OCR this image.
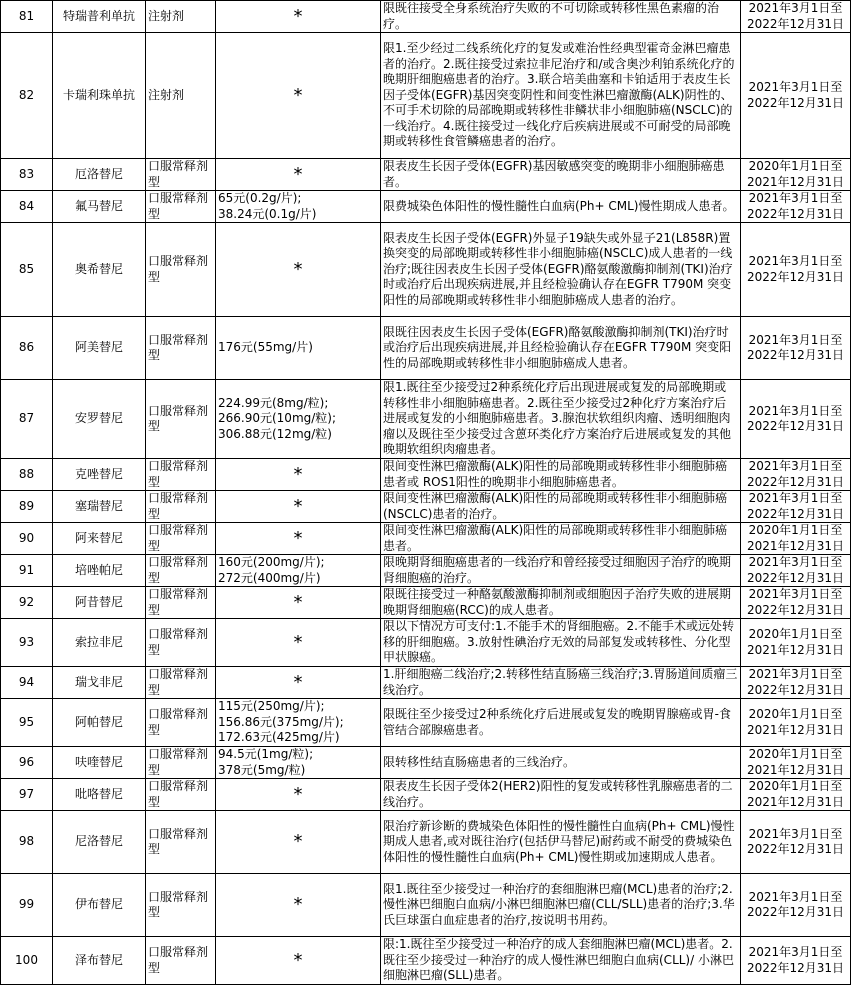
81	特瑞普利单抗	注射剂	*	限既往接受全身系统治疗失败的不可切除或转移性黑色素瘤的治疗。	2021年3月1日至
2022年12月31日

82	卡瑞利珠单抗	注射剂	*	限1.至少经过二线系统化疗的复发或难治性经典型霍奇金淋巴瘤患者的治疗。2.既往接受过索拉非尼治疗和/或含奥沙利铂系统化疗的晚期肝细胞癌患者的治疗。3.联合培美曲塞和卡铂适用于表皮生长因子受体(EGFR)基因突变阴性和间变性淋巴瘤激酶(ALK)阴性的、不可手术切除的局部晚期或转移性非鳞状非小细胞肺癌(NSCLC)的一线治疗。4.既往接受过一线化疗后疾病进展或不可耐受的局部晚期或转移性食管鳞癌患者的治疗。	2021年3月1日至
2022年12月31日

83	厄洛替尼	口服常释剂型	*	限表皮生长因子受体(EGFR)基因敏感突变的晚期非小细胞肺癌患者。	2020年1月1日至
2021年12月31日

84	氟马替尼	口服常释剂型	65元(0.2g/片);
38.24元(0.1g/片)	限费城染色体阳性的慢性髓性白血病(Ph+ CML)慢性期成人患者。	2021年3月1日至
2022年12月31日

85	奥希替尼	口服常释剂型	*	限表皮生长因子受体(EGFR)外显子19缺失或外显子21(L858R)置换突变的局部晚期或转移性非小细胞肺癌(NSCLC)成人患者的一线治疗;既往因表皮生长因子受体(EGFR)酪氨酸激酶抑制剂(TKI)治疗时或治疗后出现疾病进展,并且经检验确认存在EGFR T790M 突变阳性的局部晚期或转移性非小细胞肺癌成人患者的治疗。	2021年3月1日至
2022年12月31日

86	阿美替尼	口服常释剂型	176元(55mg/片)	限既往因表皮生长因子受体(EGFR)酪氨酸激酶抑制剂(TKI)治疗时或治疗后出现疾病进展,并且经检验确认存在EGFR T790M 突变阳性的局部晚期或转移性非小细胞肺癌成人患者。	2021年3月1日至
2022年12月31日

87	安罗替尼	口服常释剂型	224.99元(8mg/粒);
266.90元(10mg/粒);
306.88元(12mg/粒)	限1.既往至少接受过2种系统化疗后出现进展或复发的局部晚期或转移性非小细胞肺癌患者。2.既往至少接受过2种化疗方案治疗后进展或复发的小细胞肺癌患者。3.腺泡状软组织肉瘤、透明细胞肉瘤以及既往至少接受过含蒽环类化疗方案治疗后进展或复发的其他晚期软组织肉瘤患者。	2021年3月1日至
2022年12月31日

88	克唑替尼	口服常释剂型	*	限间变性淋巴瘤激酶(ALK)阳性的局部晚期或转移性非小细胞肺癌患者或 ROS1阳性的晚期非小细胞肺癌患者。	2021年3月1日至
2022年12月31日

89	塞瑞替尼	口服常释剂型	*	限间变性淋巴瘤激酶(ALK)阳性的局部晚期或转移性非小细胞肺癌(NSCLC)患者的治疗。	2021年3月1日至
2022年12月31日

90	阿来替尼	口服常释剂型	*	限间变性淋巴瘤激酶(ALK)阳性的局部晚期或转移性非小细胞肺癌患者。	2020年1月1日至
2021年12月31日

91	培唑帕尼	口服常释剂型	160元(200mg/片);
272元(400mg/片)	限晚期肾细胞癌患者的一线治疗和曾经接受过细胞因子治疗的晚期肾细胞癌的治疗。	2021年3月1日至
2022年12月31日

92	阿昔替尼	口服常释剂型	*	限既往接受过一种酪氨酸激酶抑制剂或细胞因子治疗失败的进展期晚期肾细胞癌(RCC)的成人患者。	2021年3月1日至
2022年12月31日

93	索拉非尼	口服常释剂型	*	限以下情况方可支付:1.不能手术的肾细胞癌。2.不能手术或远处转移的肝细胞癌。3.放射性碘治疗无效的局部复发或转移性、分化型甲状腺癌。	2020年1月1日至
2021年12月31日

94	瑞戈非尼	口服常释剂型	*	1.肝细胞癌二线治疗;2.转移性结直肠癌三线治疗;3.胃肠道间质瘤三线治疗。	2021年3月1日至
2022年12月31日

95	阿帕替尼	口服常释剂型	115元(250mg/片);
156.86元(375mg/片);
172.63元(425mg/片)	限既往至少接受过2种系统化疗后进展或复发的晚期胃腺癌或胃-食管结合部腺癌患者。	2020年1月1日至
2021年12月31日

96	呋喹替尼	口服常释剂型	94.5元(1mg/粒);
378元(5mg/粒)	限转移性结直肠癌患者的三线治疗。	2020年1月1日至
2021年12月31日

97	吡咯替尼	口服常释剂型	*	限表皮生长因子受体2(HER2)阳性的复发或转移性乳腺癌患者的二线治疗。	2020年1月1日至
2021年12月31日

98	尼洛替尼	口服常释剂型	*	限治疗新诊断的费城染色体阳性的慢性髓性白血病(Ph+ CML)慢性期成人患者,或对既往治疗(包括伊马替尼)耐药或不耐受的费城染色体阳性的慢性髓性白血病(Ph+ CML)慢性期或加速期成人患者。	2021年3月1日至
2022年12月31日

99	伊布替尼	口服常释剂型	*	限1.既往至少接受过一种治疗的套细胞淋巴瘤(MCL)患者的治疗;2.慢性淋巴细胞白血病/小淋巴细胞淋巴瘤(CLL/SLL)患者的治疗;3.华氏巨球蛋白血症患者的治疗,按说明书用药。	2021年3月1日至
2022年12月31日

100	泽布替尼	口服常释剂型	*	限:1.既往至少接受过一种治疗的成人套细胞淋巴瘤(MCL)患者。2.既往至少接受过一种治疗的成人慢性淋巴细胞白血病(CLL)/ 小淋巴细胞淋巴瘤(SLL)患者。	2021年3月1日至
2022年12月31日
